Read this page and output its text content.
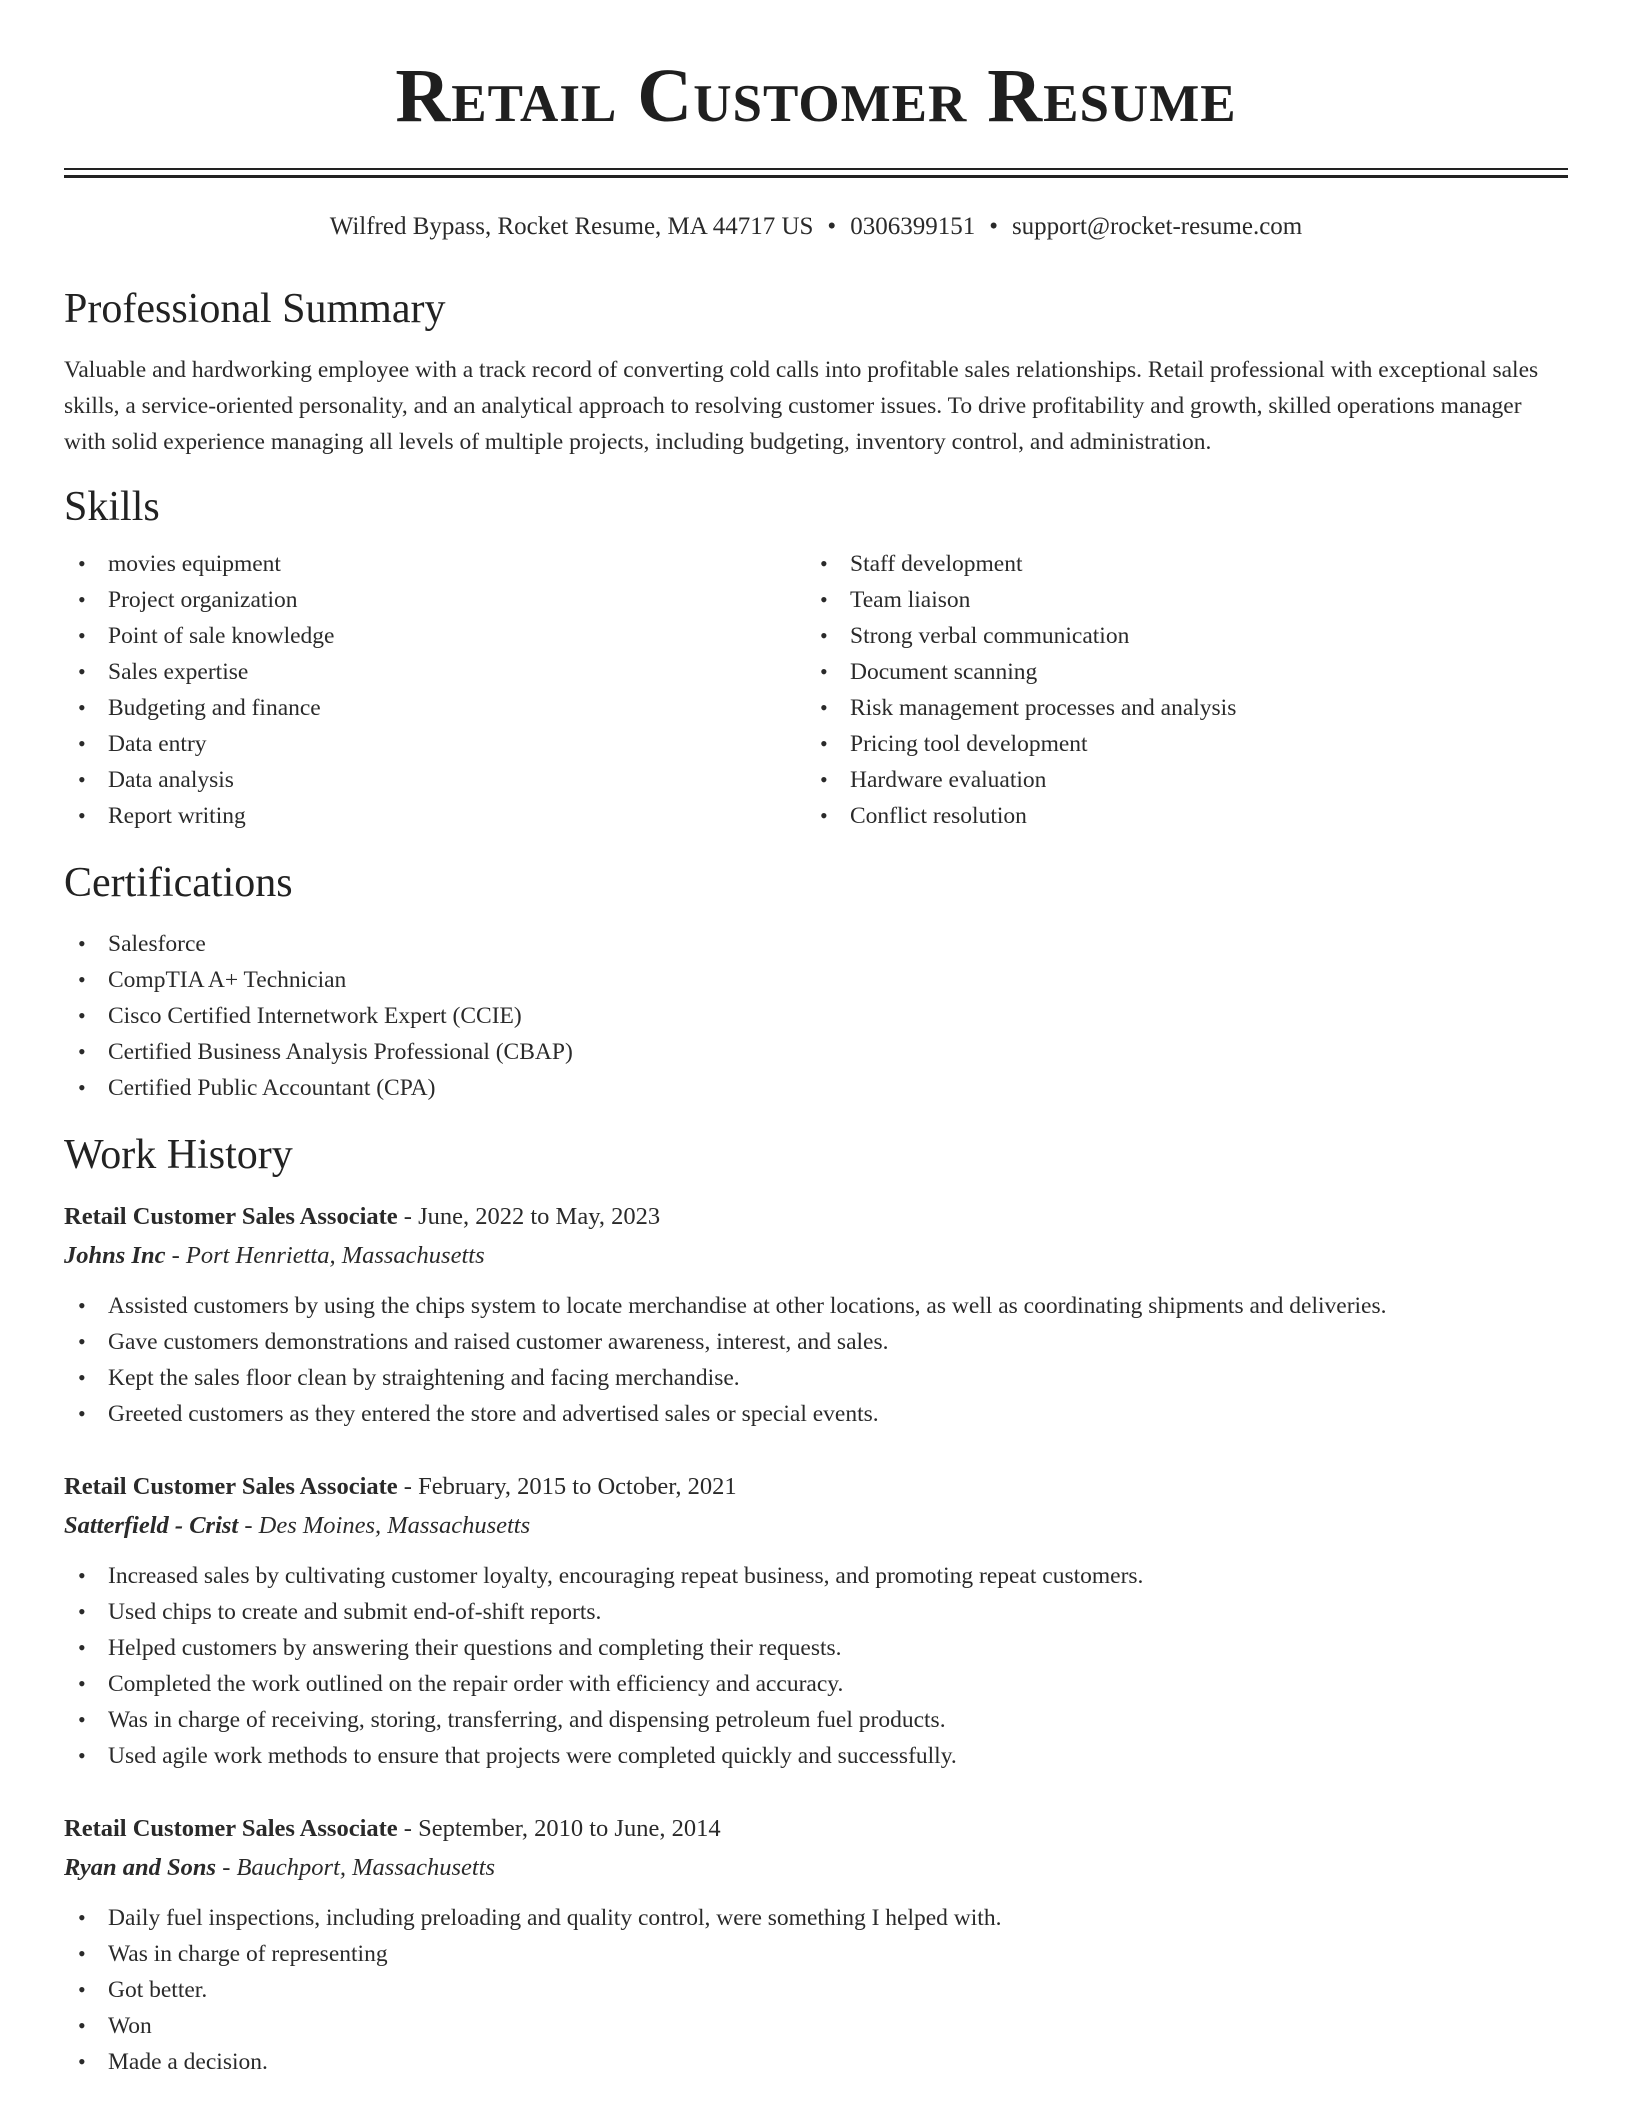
Retail Customer Resume
Wilfred Bypass, Rocket Resume, MA 44717 US • 0306399151 • support@rocket-resume.com
Professional Summary

Valuable and hardworking employee with a track record of converting cold calls into profitable sales relationships. Retail professional with exceptional sales skills, a service-oriented personality, and an analytical approach to resolving customer issues. To drive profitability and growth, skilled operations manager with solid experience managing all levels of multiple projects, including budgeting, inventory control, and administration.

Skills
• movies equipment
• Project organization
• Point of sale knowledge
• Sales expertise
• Budgeting and finance
• Data entry
• Data analysis
• Report writing
• Staff development
• Team liaison
• Strong verbal communication
• Document scanning
• Risk management processes and analysis
• Pricing tool development
• Hardware evaluation
• Conflict resolution
Certifications
• Salesforce
• CompTIA A+ Technician
• Cisco Certified Internetwork Expert (CCIE)
• Certified Business Analysis Professional (CBAP)
• Certified Public Accountant (CPA)
Work History
Retail Customer Sales Associate - June, 2022 to May, 2023
Johns Inc - Port Henrietta, Massachusetts
• Assisted customers by using the chips system to locate merchandise at other locations, as well as coordinating shipments and deliveries.
• Gave customers demonstrations and raised customer awareness, interest, and sales.
• Kept the sales floor clean by straightening and facing merchandise.
• Greeted customers as they entered the store and advertised sales or special events.
Retail Customer Sales Associate - February, 2015 to October, 2021
Satterfield - Crist - Des Moines, Massachusetts
• Increased sales by cultivating customer loyalty, encouraging repeat business, and promoting repeat customers.
• Used chips to create and submit end-of-shift reports.
• Helped customers by answering their questions and completing their requests.
• Completed the work outlined on the repair order with efficiency and accuracy.
• Was in charge of receiving, storing, transferring, and dispensing petroleum fuel products.
• Used agile work methods to ensure that projects were completed quickly and successfully.
Retail Customer Sales Associate - September, 2010 to June, 2014
Ryan and Sons - Bauchport, Massachusetts
• Daily fuel inspections, including preloading and quality control, were something I helped with.
• Was in charge of representing
• Got better.
• Won
• Made a decision.
